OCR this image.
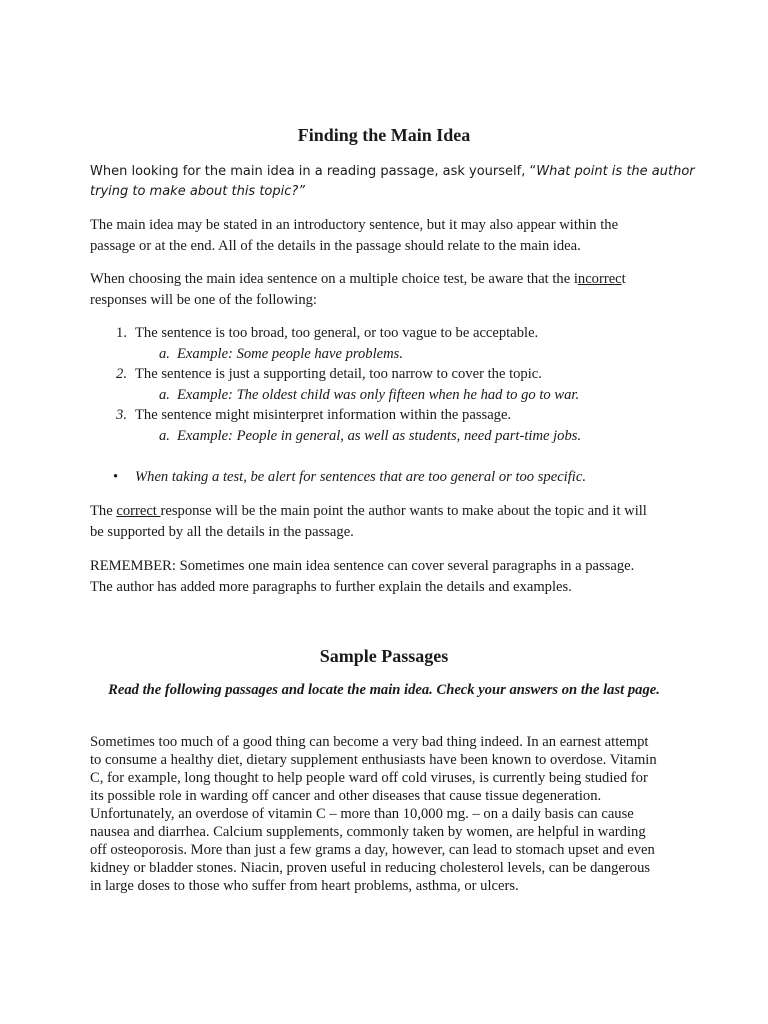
Finding the Main Idea

When looking for the main idea in a reading passage, ask yourself, “What point is the author

trying to make about this topic?”

The main idea may be stated in an introductory sentence, but it may also appear within the

passage or at the end. All of the details in the passage should relate to the main idea.

When choosing the main idea sentence on a multiple choice test, be aware that the incorrect

responses will be one of the following:

1. The sentence is too broad, too general, or too vague to be acceptable.

a. Example: Some people have problems.

2. The sentence is just a supporting detail, too narrow to cover the topic.

a. Example: The oldest child was only fifteen when he had to go to war.

3. The sentence might misinterpret information within the passage.

a. Example: People in general, as well as students, need part-time jobs.

• When taking a test, be alert for sentences that are too general or too specific.

The correct response will be the main point the author wants to make about the topic and it will

be supported by all the details in the passage.

REMEMBER: Sometimes one main idea sentence can cover several paragraphs in a passage.

The author has added more paragraphs to further explain the details and examples.

Sample Passages

Read the following passages and locate the main idea. Check your answers on the last page.

Sometimes too much of a good thing can become a very bad thing indeed. In an earnest attempt
to consume a healthy diet, dietary supplement enthusiasts have been known to overdose. Vitamin
C, for example, long thought to help people ward off cold viruses, is currently being studied for
its possible role in warding off cancer and other diseases that cause tissue degeneration.
Unfortunately, an overdose of vitamin C – more than 10,000 mg. – on a daily basis can cause
nausea and diarrhea. Calcium supplements, commonly taken by women, are helpful in warding
off osteoporosis. More than just a few grams a day, however, can lead to stomach upset and even
kidney or bladder stones. Niacin, proven useful in reducing cholesterol levels, can be dangerous
in large doses to those who suffer from heart problems, asthma, or ulcers.
